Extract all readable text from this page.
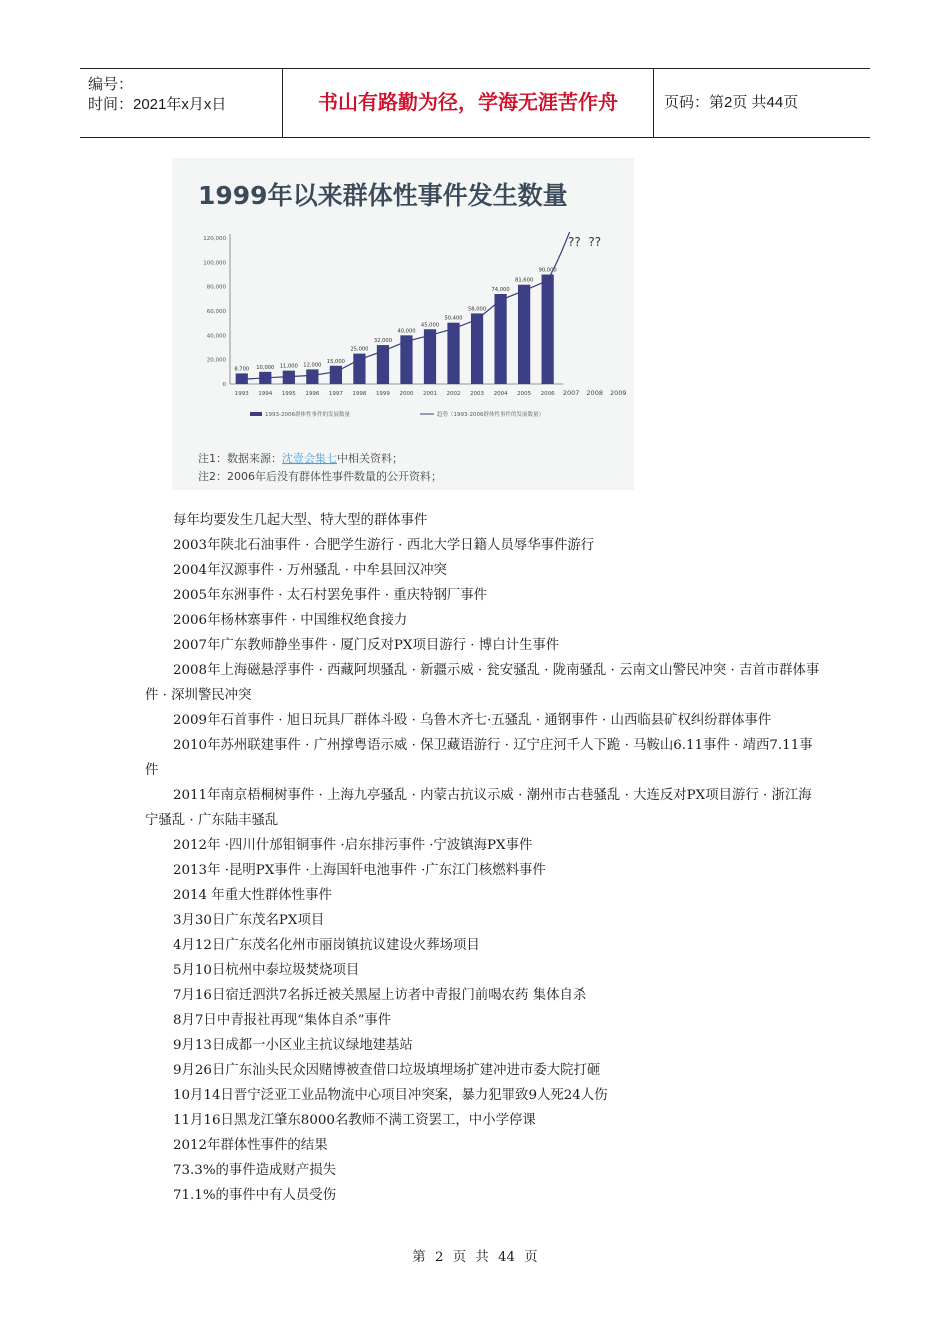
编号：
时间：2021年x月x日	书山有路勤为径，学海无涯苦作舟	页码：第2页 共44页
1999年以来群体性事件发生数量
120,000
100,000
80,000
60,000
40,000
20,000
0
1993 1994 1995 1996 1997 1998 1999 2000 2001 2002 2003 2004 2005 2006 2007 2008 2009
8,700 10,000 11,000 12,000
15,000
25,000
32,000
40,000
45,000
50,400
58,000
74,000
81,600
90,000
??  ??
1993-2006群体性事件的发展数量	趋势（1993-2006群体性事件的发展数量）
注1：数据来源：沈壹会集七中相关资料；
注2：2006年后没有群体性事件数量的公开资料；

每年均要发生几起大型、特大型的群体事件

2003年陕北石油事件 · 合肥学生游行 · 西北大学日籍人员辱华事件游行

2004年汉源事件 · 万州骚乱 · 中牟县回汉冲突

2005年东洲事件 · 太石村罢免事件 · 重庆特钢厂事件

2006年杨林寨事件 · 中国维权绝食接力

2007年广东教师静坐事件 · 厦门反对PX项目游行 · 博白计生事件

2008年上海磁悬浮事件 · 西藏阿坝骚乱 · 新疆示威 · 瓮安骚乱 · 陇南骚乱 · 云南文山警民冲突 · 吉首市群体事件 · 深圳警民冲突

2009年石首事件 · 旭日玩具厂群体斗殴 · 乌鲁木齐七·五骚乱 · 通钢事件 · 山西临县矿权纠纷群体事件

2010年苏州联建事件 · 广州撑粤语示威 · 保卫藏语游行 · 辽宁庄河千人下跪 · 马鞍山6.11事件 · 靖西7.11事件

2011年南京梧桐树事件 · 上海九亭骚乱 · 内蒙古抗议示威 · 潮州市古巷骚乱 · 大连反对PX项目游行 · 浙江海宁骚乱 · 广东陆丰骚乱

2012年 ·四川什邡钼铜事件 ·启东排污事件 ·宁波镇海PX事件

2013年 ·昆明PX事件 ·上海国轩电池事件 ·广东江门核燃料事件

2014 年重大性群体性事件

3月30日广东茂名PX项目

4月12日广东茂名化州市丽岗镇抗议建设火葬场项目

5月10日杭州中泰垃圾焚烧项目

7月16日宿迁泗洪7名拆迁被关黑屋上访者中青报门前喝农药 集体自杀

8月7日中青报社再现“集体自杀”事件

9月13日成都一小区业主抗议绿地建基站

9月26日广东汕头民众因赌博被查借口垃圾填埋场扩建冲进市委大院打砸

10月14日晋宁泛亚工业品物流中心项目冲突案，暴力犯罪致9人死24人伤

11月16日黑龙江肇东8000名教师不满工资罢工，中小学停课

2012年群体性事件的结果

73.3%的事件造成财产损失

71.1%的事件中有人员受伤

第 2 页 共 44 页
